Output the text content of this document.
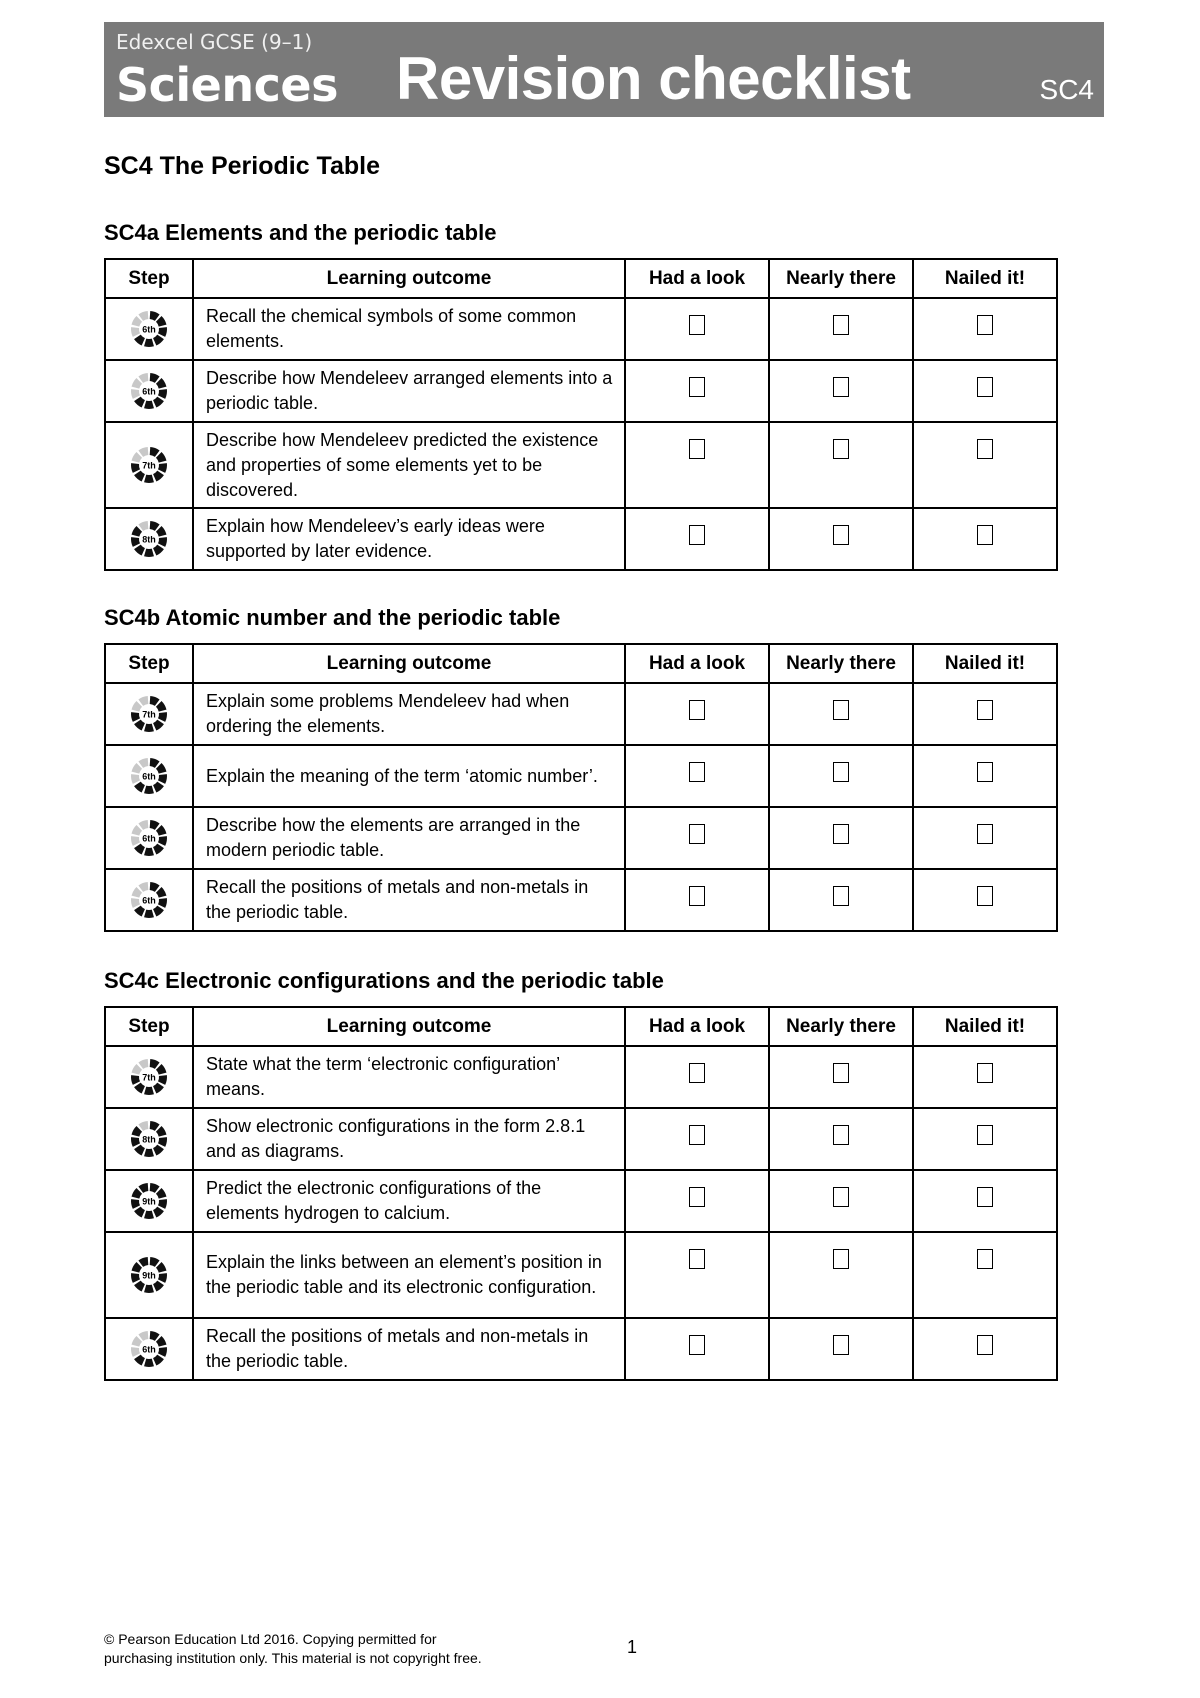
Edexcel GCSE (9–1)
Sciences Revision checklist	SC4
SC4 The Periodic Table
SC4a Elements and the periodic table
Step	Learning outcome	Had a look	Nearly there	Nailed it!

6th	Recall the chemical symbols of some common elements.			

6th	Describe how Mendeleev arranged elements into a periodic table.			

7th	Describe how Mendeleev predicted the existence and properties of some elements yet to be discovered.			

8th	Explain how Mendeleev’s early ideas were supported by later evidence.			
SC4b Atomic number and the periodic table
Step	Learning outcome	Had a look	Nearly there	Nailed it!

7th	Explain some problems Mendeleev had when ordering the elements.			

6th	Explain the meaning of the term ‘atomic number’.			

6th	Describe how the elements are arranged in the modern periodic table.			

6th	Recall the positions of metals and non-metals in the periodic table.			
SC4c Electronic configurations and the periodic table
Step	Learning outcome	Had a look	Nearly there	Nailed it!

7th	State what the term ‘electronic configuration’ means.			

8th	Show electronic configurations in the form 2.8.1 and as diagrams.			

9th	Predict the electronic configurations of the elements hydrogen to calcium.			

9th	Explain the links between an element’s position in the periodic table and its electronic configuration.			

6th	Recall the positions of metals and non-metals in the periodic table.			
© Pearson Education Ltd 2016. Copying permitted for
purchasing institution only. This material is not copyright free.
1
